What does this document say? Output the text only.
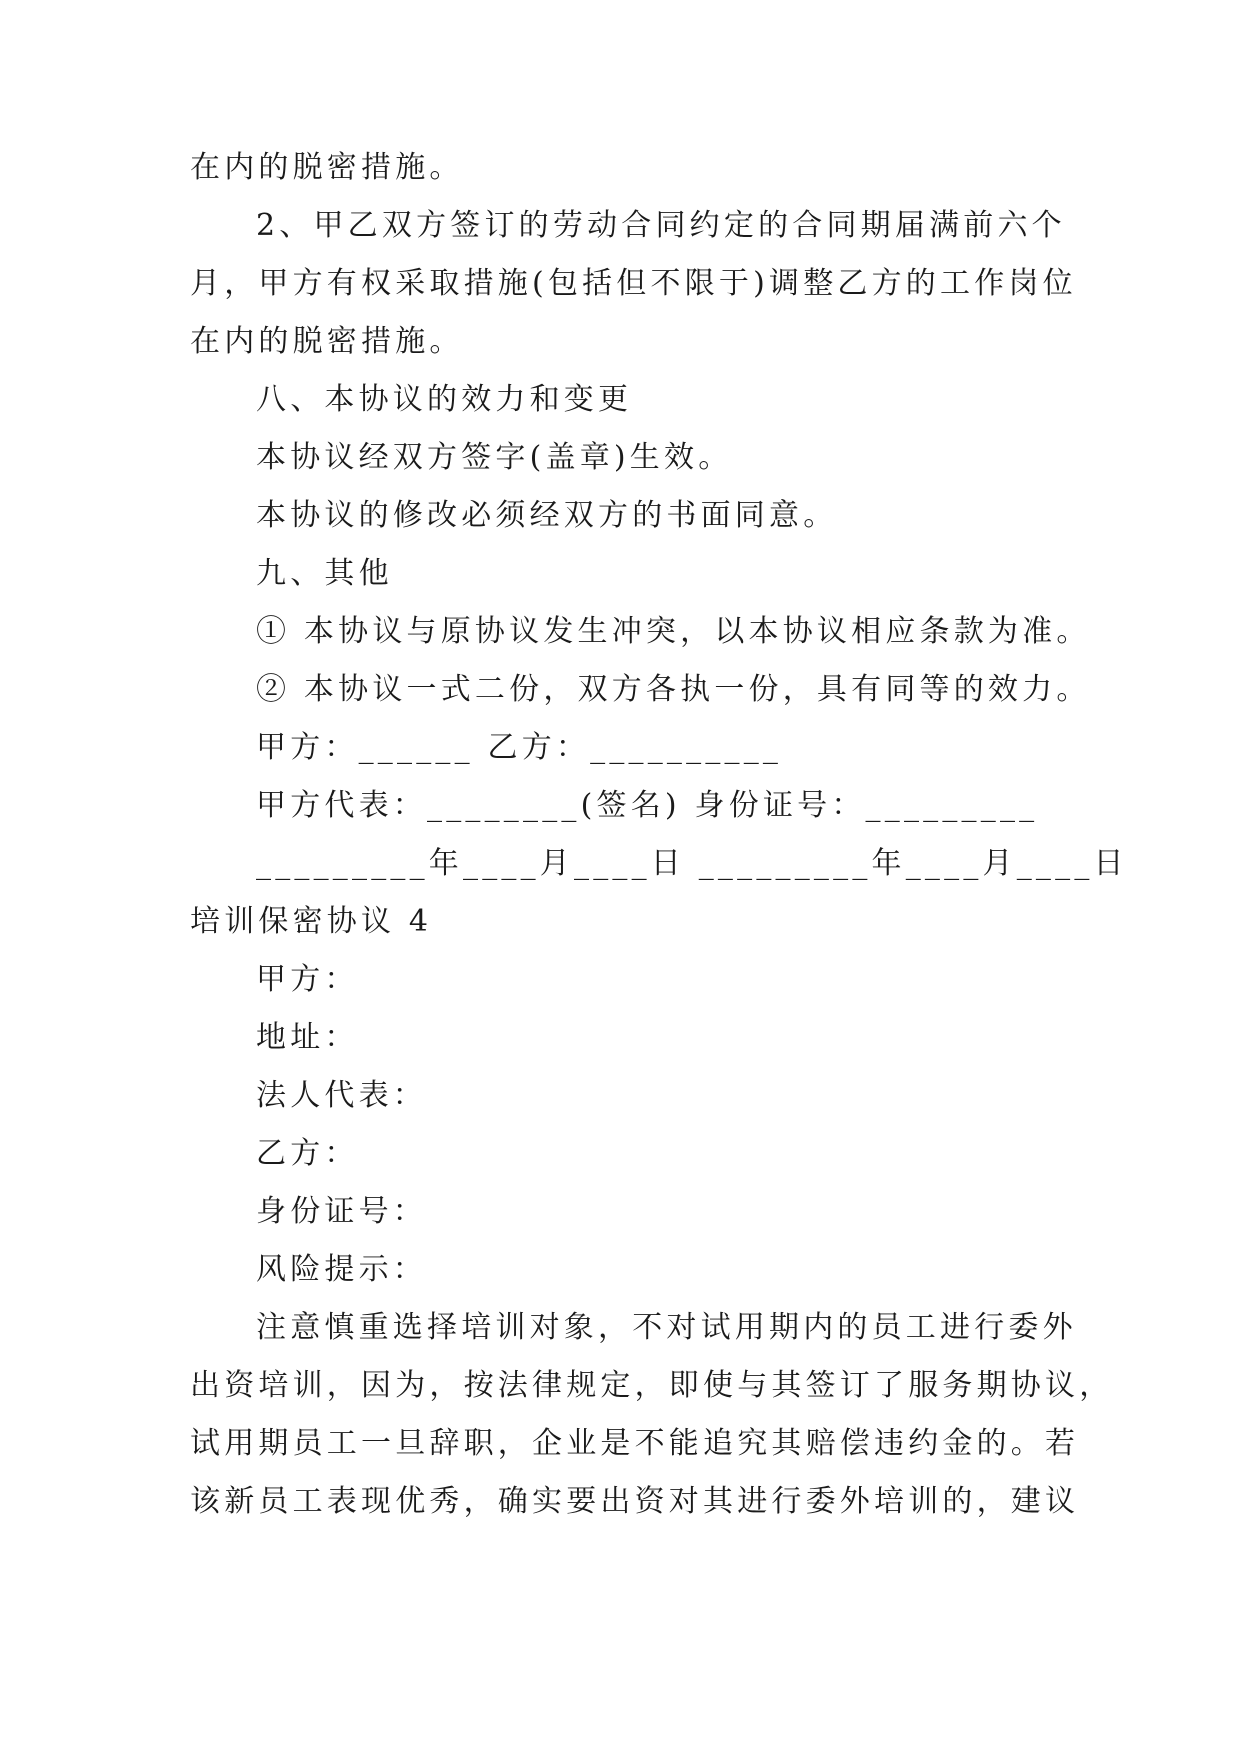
在内的脱密措施。

2、甲乙双方签订的劳动合同约定的合同期届满前六个

月，甲方有权采取措施(包括但不限于)调整乙方的工作岗位

在内的脱密措施。

八、本协议的效力和变更

本协议经双方签字(盖章)生效。

本协议的修改必须经双方的书面同意。

九、其他

① 本协议与原协议发生冲突，以本协议相应条款为准。

② 本协议一式二份，双方各执一份，具有同等的效力。

甲方：______ 乙方：__________

甲方代表：________(签名) 身份证号：_________

_________年____月____日 _________年____月____日

培训保密协议 4

甲方：

地址：

法人代表：

乙方：

身份证号：

风险提示：

注意慎重选择培训对象，不对试用期内的员工进行委外

出资培训，因为，按法律规定，即使与其签订了服务期协议，

试用期员工一旦辞职，企业是不能追究其赔偿违约金的。若

该新员工表现优秀，确实要出资对其进行委外培训的，建议
